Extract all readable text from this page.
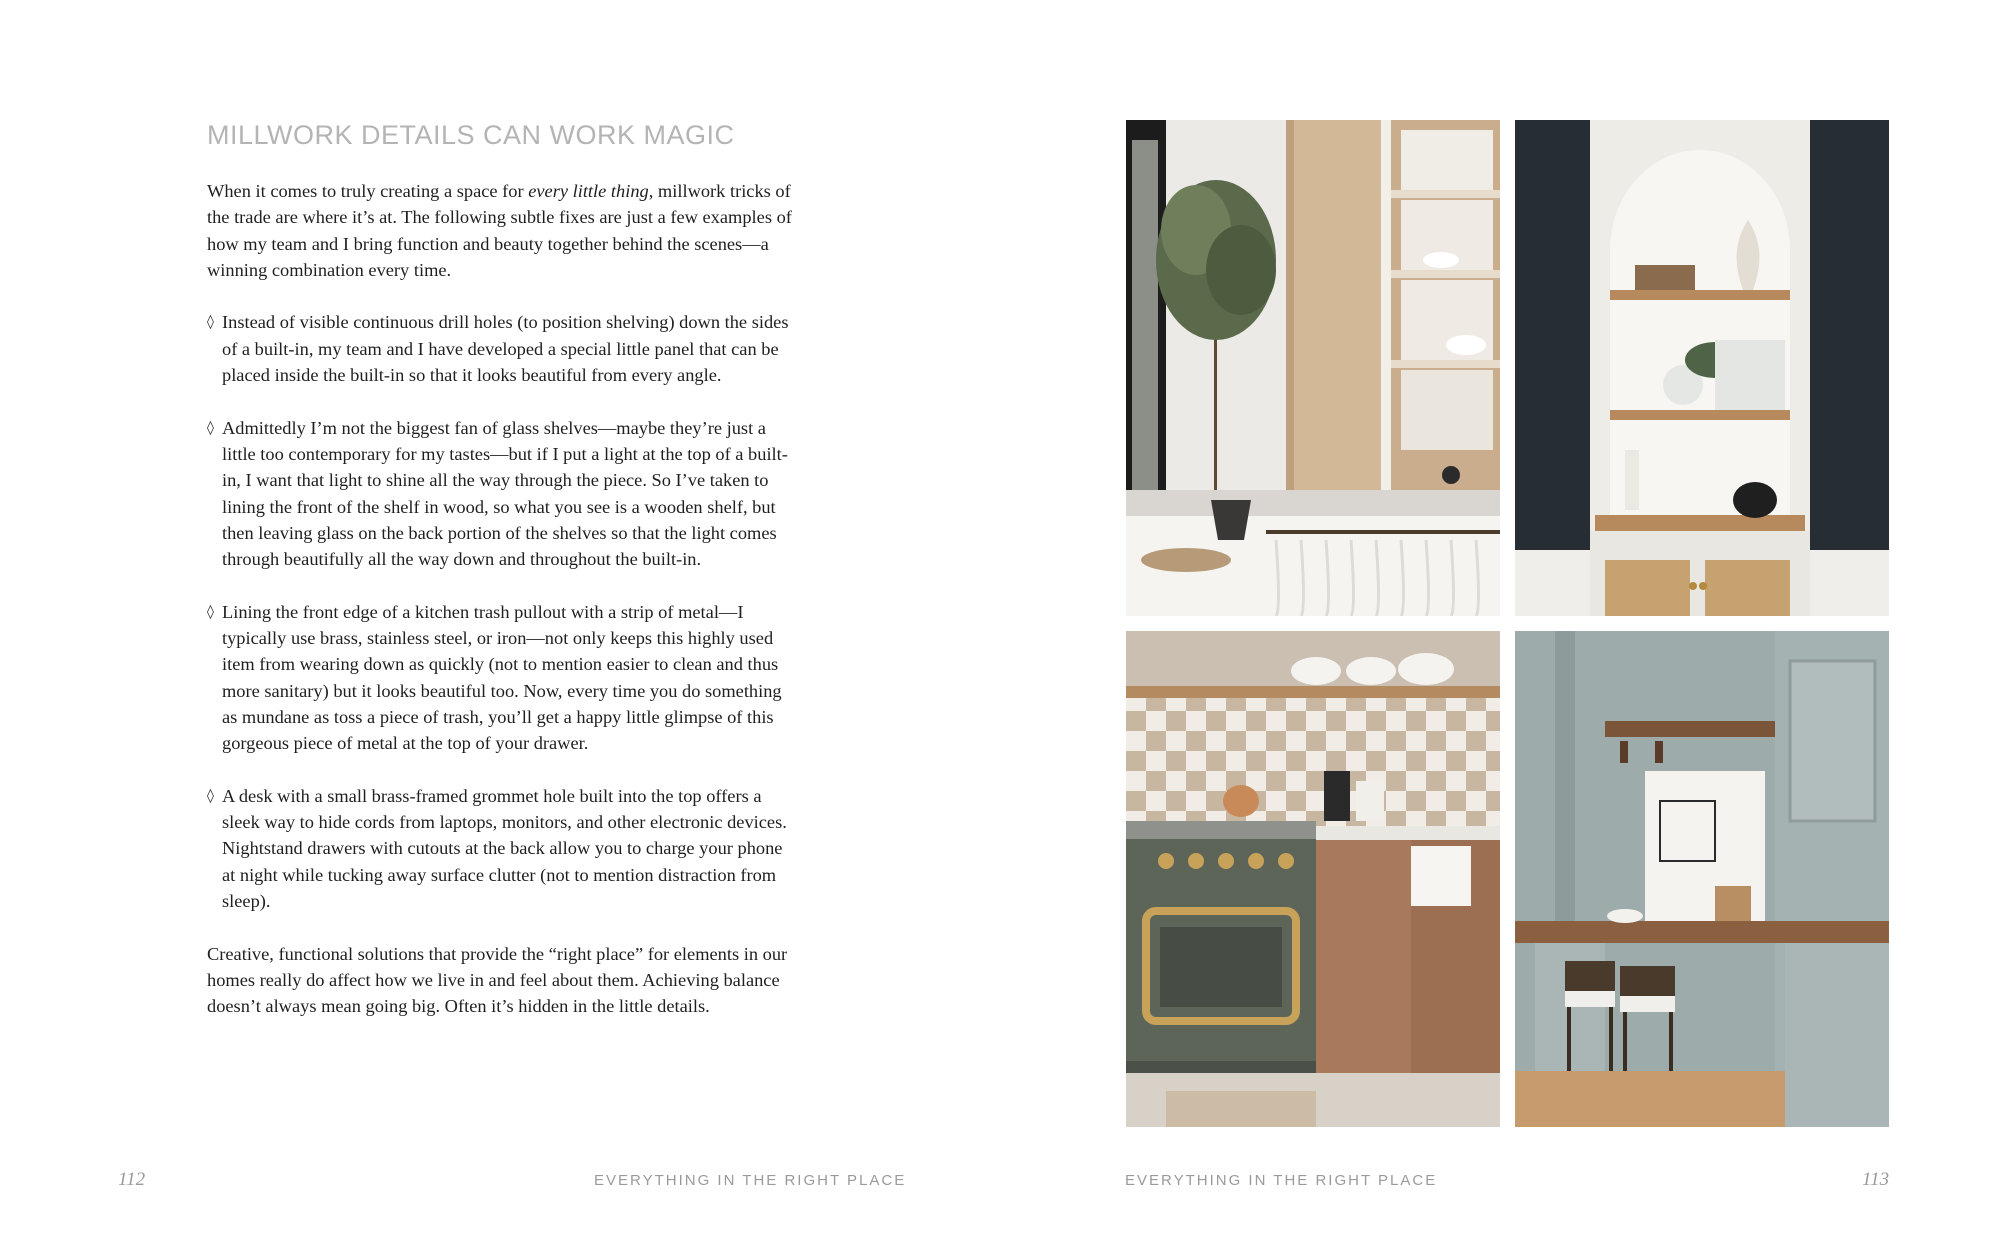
MILLWORK DETAILS CAN WORK MAGIC

When it comes to truly creating a space for every little thing, millwork tricks of the trade are where it’s at. The following subtle fixes are just a few examples of how my team and I bring function and beauty together behind the scenes—a winning combination every time.

◊ Instead of visible continuous drill holes (to position shelving) down the sides of a built-in, my team and I have developed a special little panel that can be placed inside the built-in so that it looks beautiful from every angle.

◊ Admittedly I’m not the biggest fan of glass shelves—maybe they’re just a little too contemporary for my tastes—but if I put a light at the top of a built-in, I want that light to shine all the way through the piece. So I’ve taken to lining the front of the shelf in wood, so what you see is a wooden shelf, but then leaving glass on the back portion of the shelves so that the light comes through beautifully all the way down and throughout the built-in.

◊ Lining the front edge of a kitchen trash pullout with a strip of metal—I typically use brass, stainless steel, or iron—not only keeps this highly used item from wearing down as quickly (not to mention easier to clean and thus more sanitary) but it looks beautiful too. Now, every time you do something as mundane as toss a piece of trash, you’ll get a happy little glimpse of this gorgeous piece of metal at the top of your drawer.

◊ A desk with a small brass-framed grommet hole built into the top offers a sleek way to hide cords from laptops, monitors, and other electronic devices. Nightstand drawers with cutouts at the back allow you to charge your phone at night while tucking away surface clutter (not to mention distraction from sleep).

Creative, functional solutions that provide the “right place” for elements in our homes really do affect how we live in and feel about them. Achieving balance doesn’t always mean going big. Often it’s hidden in the little details.

112	EVERYTHING IN THE RIGHT PLACE	EVERYTHING IN THE RIGHT PLACE	113
